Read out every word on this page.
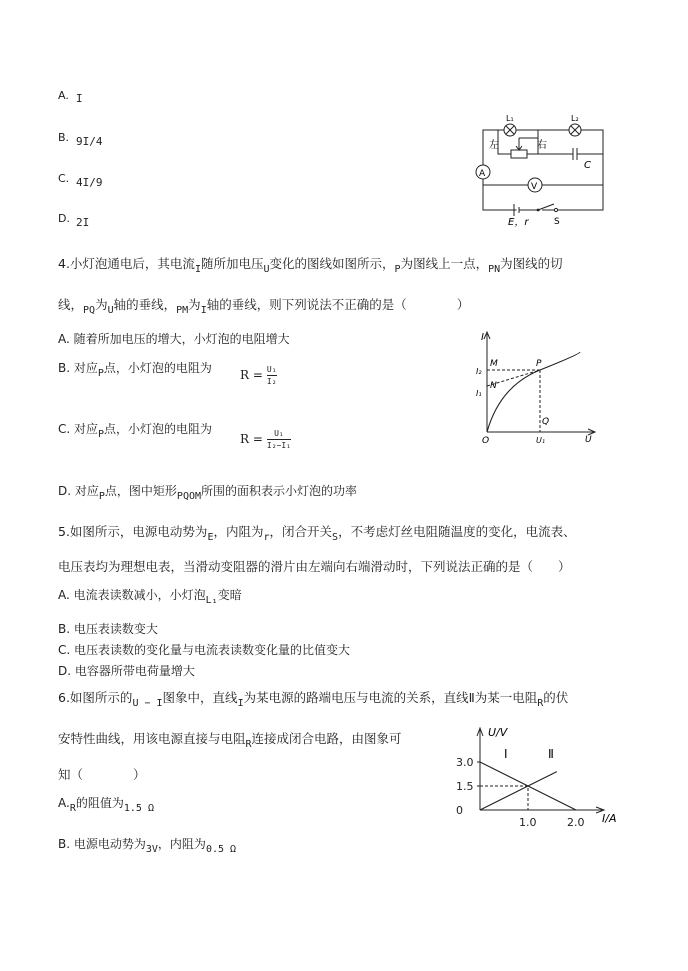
A. I
B. 9I/4
C. 4I/9
D. 2I
L₁	L₂
左	右
C
A
V
E，r	S
4.小灯泡通电后，其电流$_I$随所加电压$_U$变化的图线如图所示，$_P$为图线上一点，$_{PN}$为图线的切
线，$_{PQ}$为$_U$轴的垂线，$_{PM}$为$_I$轴的垂线，则下列说法不正确的是（　　　　）
A. 随着所加电压的增大，小灯泡的电阻增大
B. 对应$_P$点，小灯泡的电阻为 $R = \frac{\text{U₁}}{\text{I₂}}$
C. 对应$_P$点，小灯泡的电阻为
$R = \frac{\text{U₁}}{\text{I₂−I₁}}$
D. 对应$_P$点，图中矩形$_{PQOM}$所围的面积表示小灯泡的功率
I
M	P
I₂
N
I₁
Q
O	U₁	U
5.如图所示，电源电动势为$_E$，内阻为$_r$，闭合开关$_S$，不考虑灯丝电阻随温度的变化，电流表、
电压表均为理想电表，当滑动变阻器的滑片由左端向右端滑动时，下列说法正确的是（　　）
A. 电流表读数减小，小灯泡$_{L_1}$变暗
B. 电压表读数变大
C. 电压表读数的变化量与电流表读数变化量的比值变大
D. 电容器所带电荷量增大
6.如图所示的$_{U - I}$图象中，直线$_I$为某电源的路端电压与电流的关系，直线Ⅱ为某一电阻$_R$的伏
安特性曲线，用该电源直接与电阻$_R$连接成闭合电路，由图象可
知（　　　　）
$A._R$的阻值为$_{1.5 \Omega}$
B. 电源电动势为$_{3V}$，内阻为$_{0.5 \Omega}$
0
1.5
3.0
1.0	2.0
U/V
I/A
Ⅰ	Ⅱ
